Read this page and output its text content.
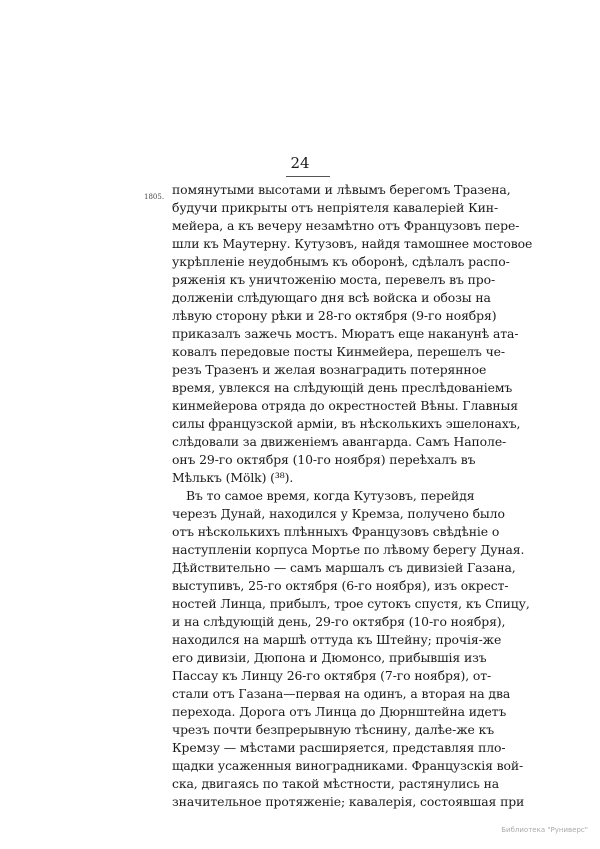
24
1805. помянутыми высотами и лѣвымъ берегомъ Тразена,
будучи прикрыты отъ непріятеля кавалеріей Кин-
мейера, а къ вечеру незамѣтно отъ Французовъ пере-
шли къ Маутерну. Кутузовъ, найдя тамошнее мостовое
укрѣпленіе неудобнымъ къ оборонѣ, сдѣлалъ распо-
ряженія къ уничтоженію моста, перевелъ въ про-
долженіи слѣдующаго дня всѣ войска и обозы на
лѣвую сторону рѣки и 28-го октября (9-го ноября)
приказалъ зажечь мостъ. Мюратъ еще наканунѣ ата-
ковалъ передовые посты Кинмейера, перешелъ че-
резъ Тразенъ и желая вознаградить потерянное
время, увлекся на слѣдующій день преслѣдованіемъ
кинмейерова отряда до окрестностей Вѣны. Главныя
силы французской арміи, въ нѣсколькихъ эшелонахъ,
слѣдовали за движеніемъ авангарда. Самъ Наполе-
онъ 29-го октября (10-го ноября) переѣхалъ въ
Мѣлькъ (Mölk) (³⁸).
Въ то самое время, когда Кутузовъ, перейдя
черезъ Дунай, находился у Кремза, получено было
отъ нѣсколькихъ плѣнныхъ Французовъ свѣдѣніе о
наступленіи корпуса Мортье по лѣвому берегу Дуная.
Дѣйствительно — самъ маршалъ съ дивизіей Газана,
выступивъ, 25-го октября (6-го ноября), изъ окрест-
ностей Линца, прибылъ, трое сутокъ спустя, къ Спицу,
и на слѣдующій день, 29-го октября (10-го ноября),
находился на маршѣ оттуда къ Штейну; прочія-же
его дивизіи, Дюпона и Дюмонсо, прибывшія изъ
Пассау къ Линцу 26-го октября (7-го ноября), от-
стали отъ Газана—первая на одинъ, а вторая на два
перехода. Дорога отъ Линца до Дюрнштейна идетъ
чрезъ почти безпрерывную тѣснину, далѣе-же къ
Кремзу — мѣстами расширяется, представляя пло-
щадки усаженныя виноградниками. Французскія вой-
ска, двигаясь по такой мѣстности, растянулись на
значительное протяженіе; кавалерія, состоявшая при
Библиотека "Руниверс"
